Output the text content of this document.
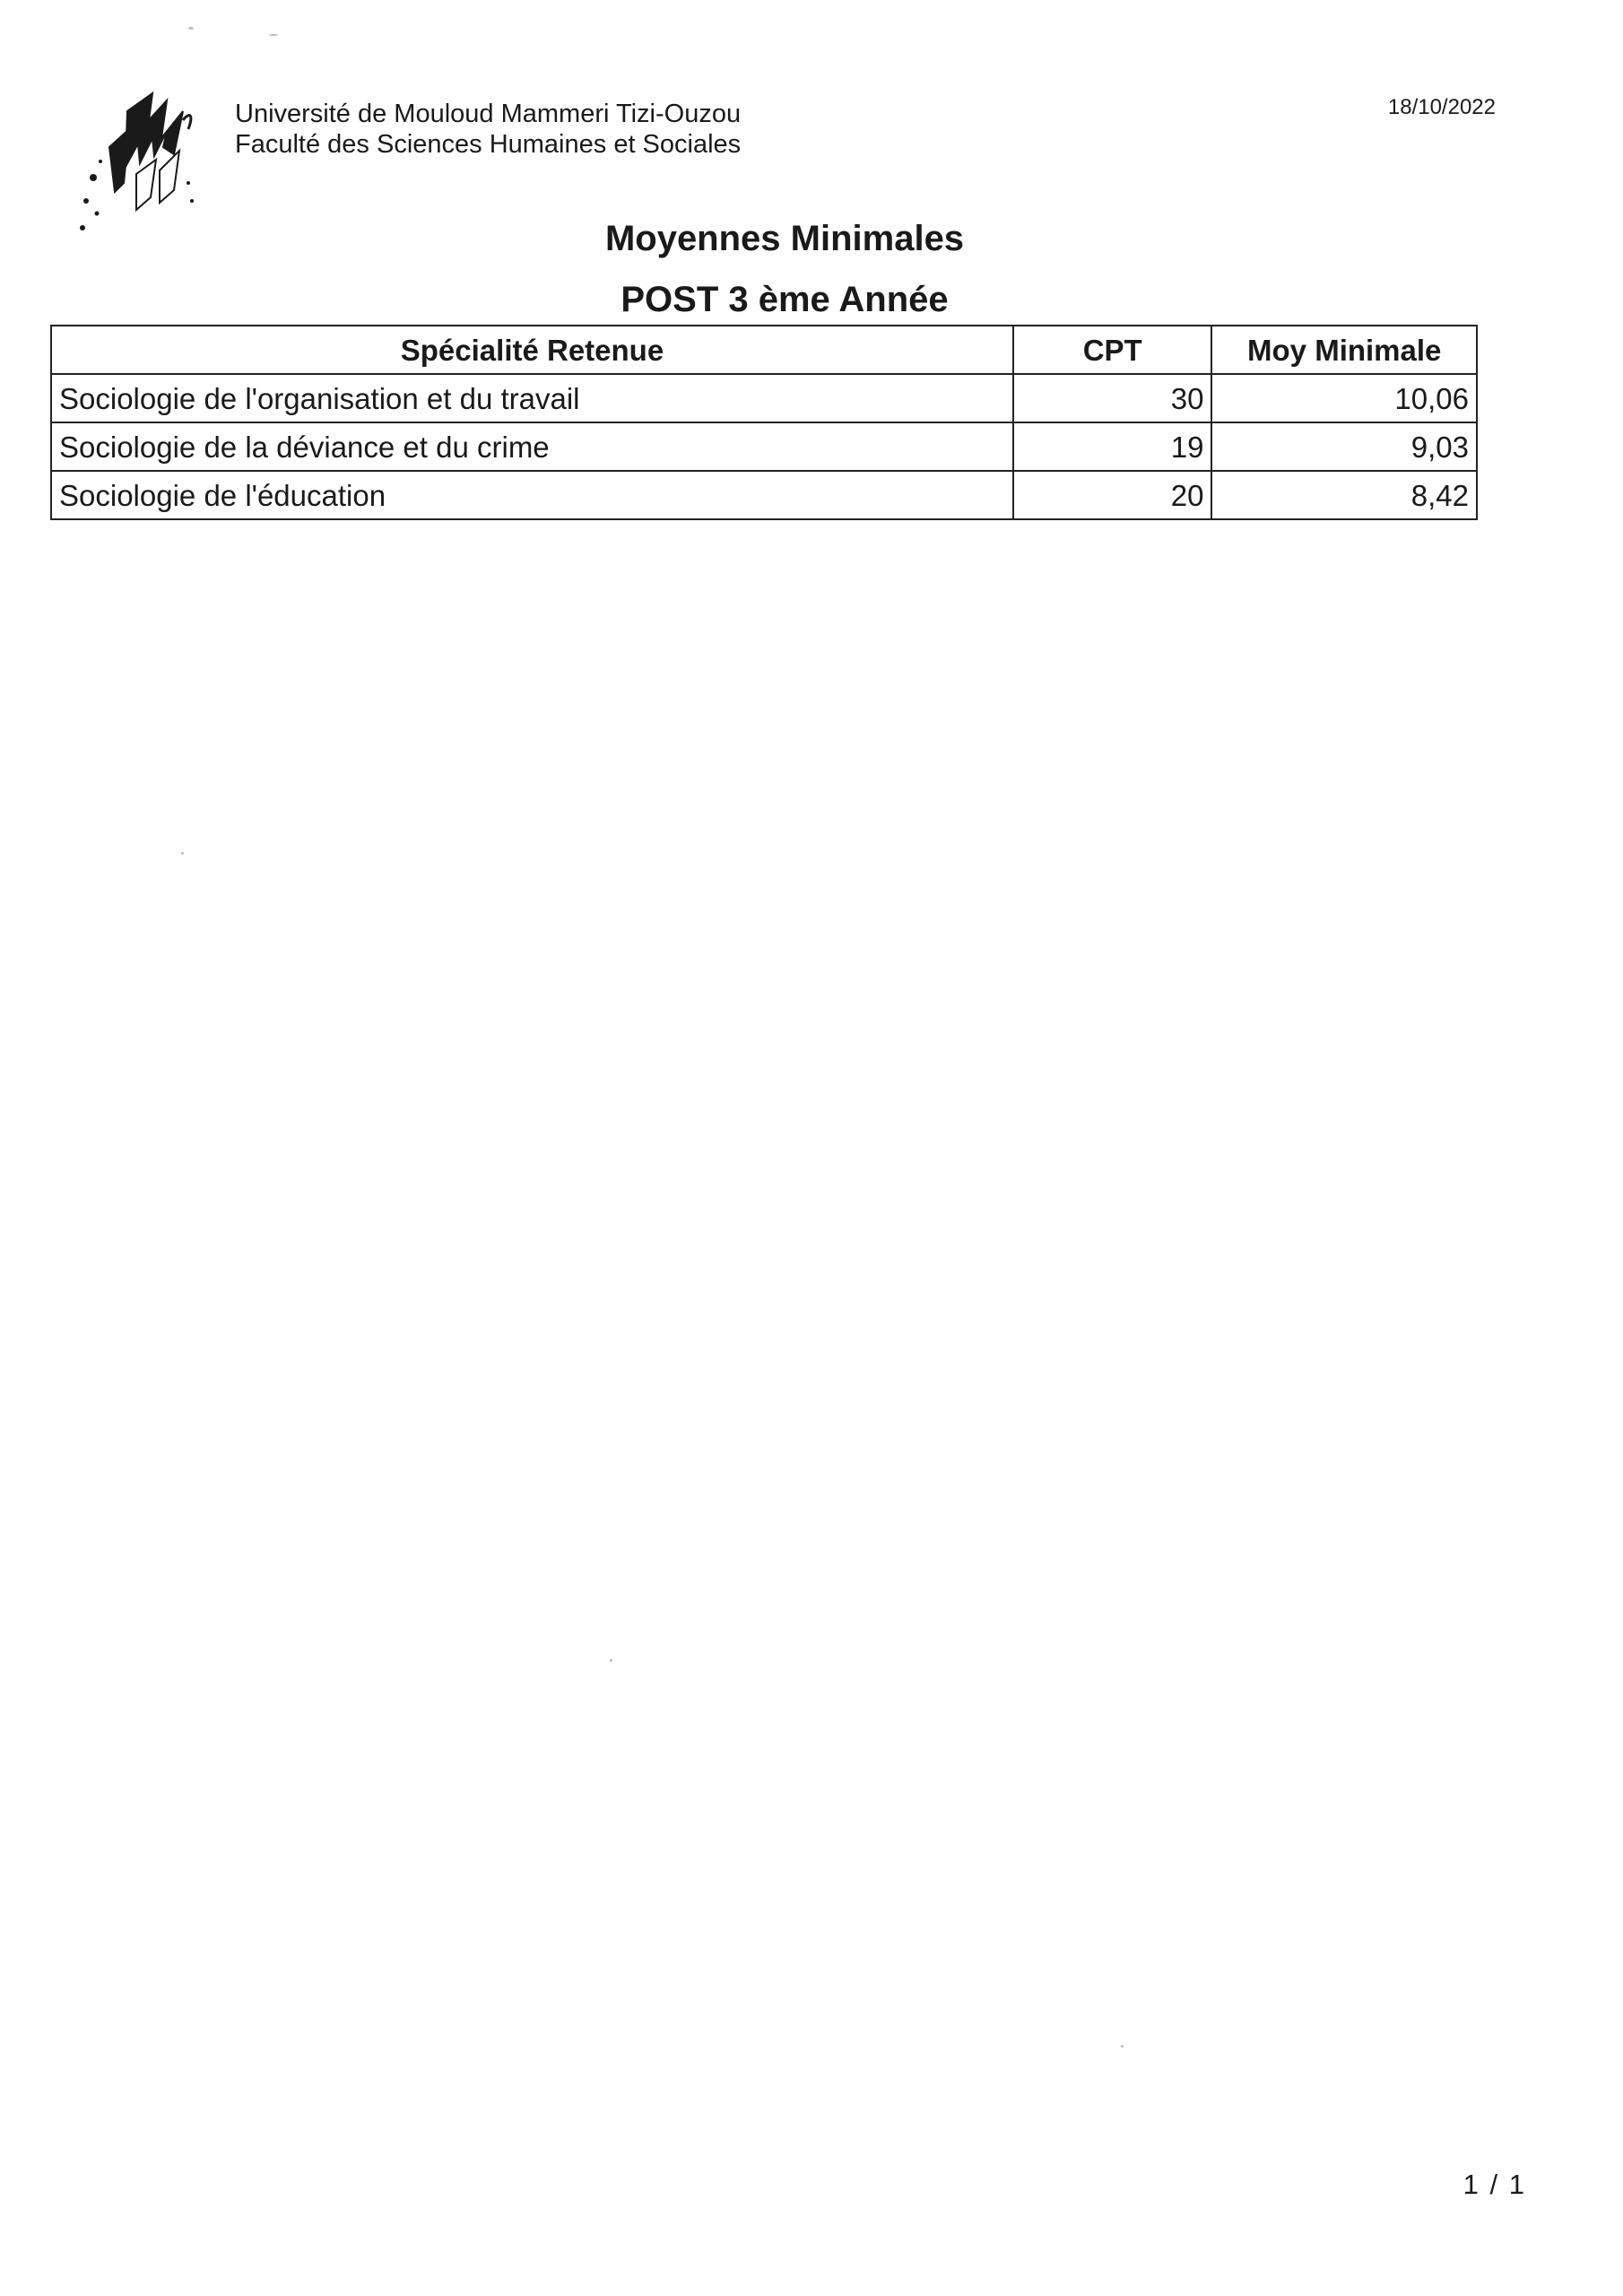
Université de Mouloud Mammeri Tizi-Ouzou
Faculté des Sciences Humaines et Sociales
18/10/2022
Moyennes Minimales
POST 3 ème Année
Spécialité Retenue	CPT	Moy Minimale
Sociologie de l'organisation et du travail	30	10,06
Sociologie de la déviance et du crime	19	9,03
Sociologie de l'éducation	20	8,42
1 / 1
